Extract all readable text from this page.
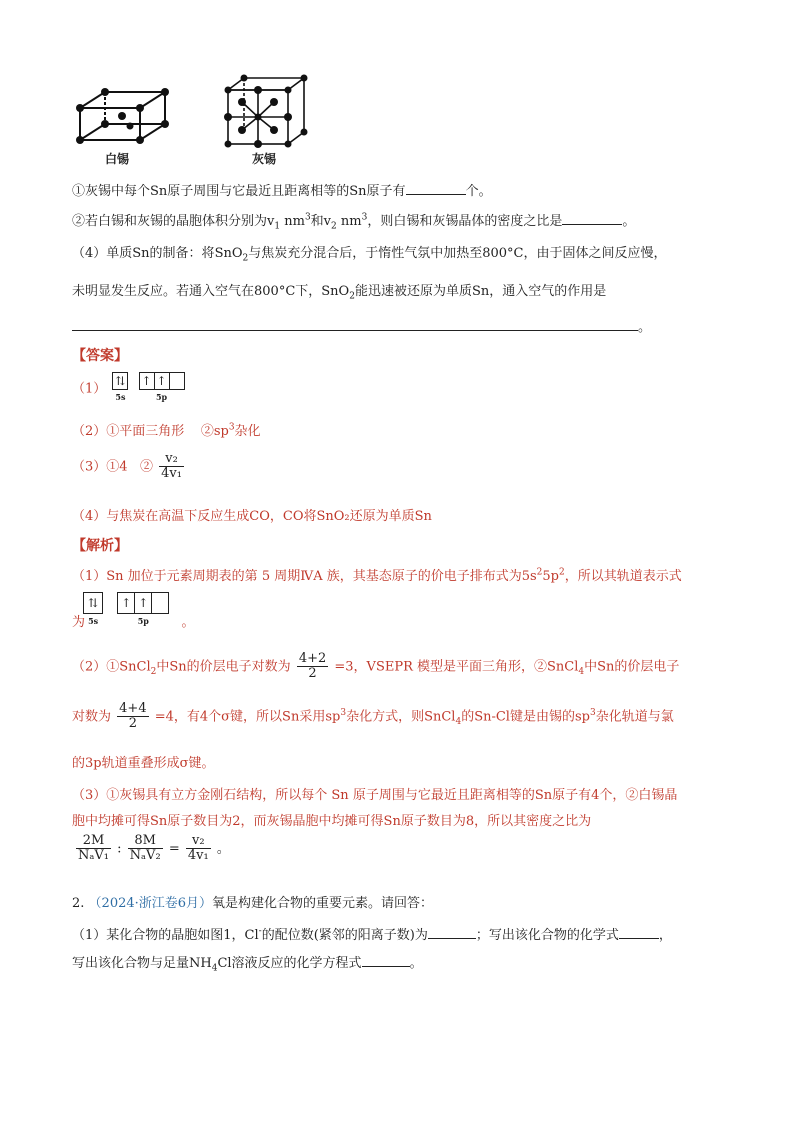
白锡	灰锡
①灰锡中每个Sn原子周围与它最近且距离相等的Sn原子有	个。
②若白锡和灰锡的晶胞体积分别为$v_1$ $nm^3$和$v_2$ $nm^3$，则白锡和灰锡晶体的密度之比是	。
（4）单质Sn的制备：将SnO$_2$与焦炭充分混合后，于惰性气氛中加热至800°C，由于固体之间反应慢，
未明显发生反应。若通入空气在800°C下，SnO$_2$能迅速被还原为单质Sn，通入空气的作用是
。
【答案】
（1） ⇅
5s
↑ ↑
5p
（2）①平面三角形 $②sp^3$杂化
（3）①4 ② $\frac{\text{v₂}}{\text{4v₁}}$
（4）与焦炭在高温下反应生成CO，CO将SnO₂还原为单质Sn
【解析】
（1）Sn 加位于元素周期表的第 5 周期ⅣA 族，其基态原子的价电子排布式为$5s^25p^2$，所以其轨道表示式
为 ⇅
5s
↑ ↑
5p	。
（2）①SnCl$_2$中Sn的价层电子对数为 $\frac{4+2}{2} =3$，VSEPR 模型是平面三角形，②SnCl$_4$中Sn的价层电子
对数为 $\frac{4+4}{2} =4$，有4个σ键，所以Sn采用$sp^3$杂化方式，则SnCl$_4$的Sn-Cl键是由锡的$sp^3$杂化轨道与氯
的3p轨道重叠形成σ键。
（3）①灰锡具有立方金刚石结构，所以每个 Sn 原子周围与它最近且距离相等的Sn原子有4个，②白锡晶
胞中均摊可得Sn原子数目为2，而灰锡晶胞中均摊可得Sn原子数目为8，所以其密度之比为
$\frac{2M}{\text{NₐV₁}}$ : $\frac{8M}{\text{NₐV₂}} = \frac{\text{v₂}}{\text{4v₁}}$ 。
2. （2024·浙江卷6月）氧是构建化合物的重要元素。请回答：
（1）某化合物的晶胞如图1，Cl-的配位数(紧邻的阳离子数)为	；写出该化合物的化学式	，
写出该化合物与足量$NH_4Cl$溶液反应的化学方程式	。
